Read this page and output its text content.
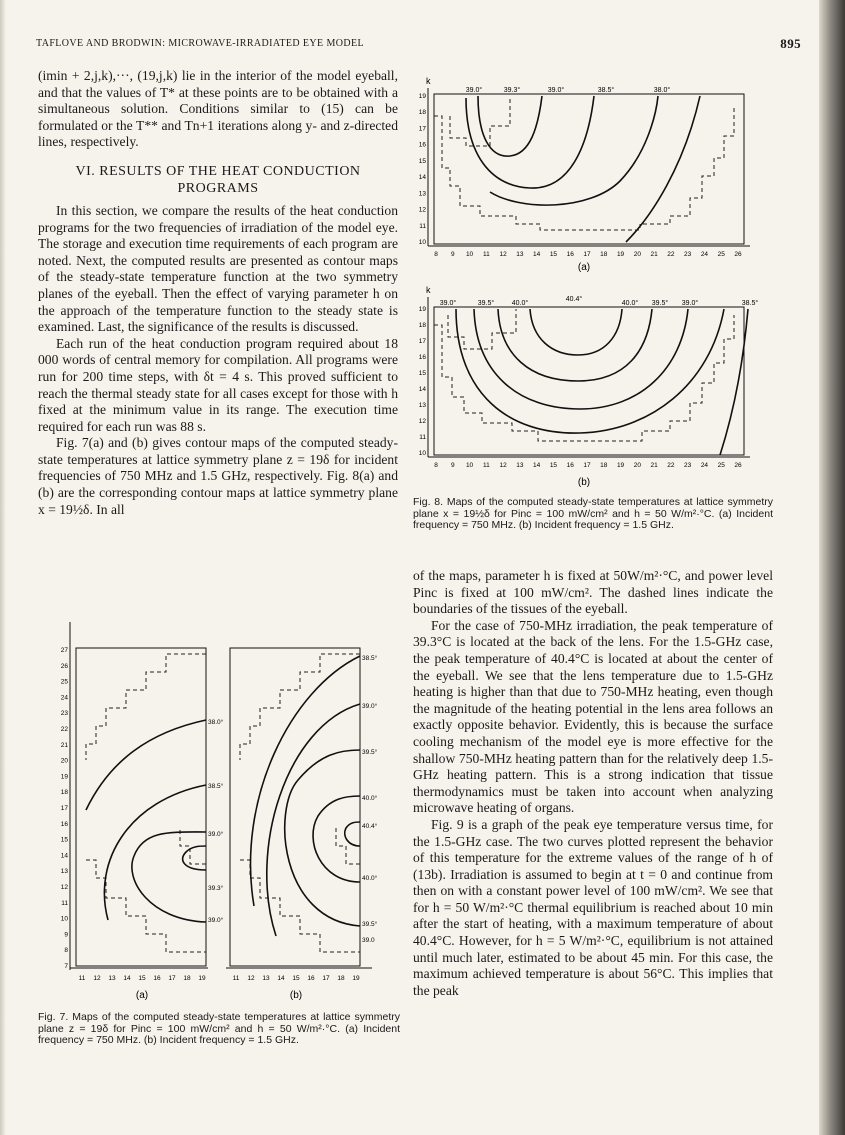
TAFLOVE AND BRODWIN: MICROWAVE-IRRADIATED EYE MODEL	895

(imin + 2,j,k),···, (19,j,k) lie in the interior of the model eyeball, and that the values of T* at these points are to be obtained with a simultaneous solution. Conditions similar to (15) can be formulated or the T** and Tn+1 iterations along y- and z-directed lines, respectively.

VI. RESULTS OF THE HEAT CONDUCTION
PROGRAMS

In this section, we compare the results of the heat conduction programs for the two frequencies of irradiation of the model eye. The storage and execution time requirements of each program are noted. Next, the computed results are presented as contour maps of the steady-state temperature function at the two symmetry planes of the eyeball. Then the effect of varying parameter h on the approach of the temperature function to the steady state is examined. Last, the significance of the results is discussed.

Each run of the heat conduction program required about 18 000 words of central memory for compilation. All programs were run for 200 time steps, with δt = 4 s. This proved sufficient to reach the thermal steady state for all cases except for those with h fixed at the minimum value in its range. The execution time required for each run was 88 s.

Fig. 7(a) and (b) gives contour maps of the computed steady-state temperatures at lattice symmetry plane z = 19δ for incident frequencies of 750 MHz and 1.5 GHz, respectively. Fig. 8(a) and (b) are the corresponding contour maps at lattice symmetry plane x = 19½δ. In all

of the maps, parameter h is fixed at 50W/m²·°C, and power level Pinc is fixed at 100 mW/cm². The dashed lines indicate the boundaries of the tissues of the eyeball.

For the case of 750-MHz irradiation, the peak temperature of 39.3°C is located at the back of the lens. For the 1.5-GHz case, the peak temperature of 40.4°C is located at about the center of the eyeball. We see that the lens temperature due to 1.5-GHz heating is higher than that due to 750-MHz heating, even though the magnitude of the heating potential in the lens area follows an exactly opposite behavior. Evidently, this is because the surface cooling mechanism of the model eye is more effective for the shallow 750-MHz heating pattern than for the relatively deep 1.5-GHz heating pattern. This is a strong indication that tissue thermodynamics must be taken into account when analyzing microwave heating of organs.

Fig. 9 is a graph of the peak eye temperature versus time, for the 1.5-GHz case. The two curves plotted represent the behavior of this temperature for the extreme values of the range of h of (13b). Irradiation is assumed to begin at t = 0 and continue from then on with a constant power level of 100 mW/cm². We see that for h = 50 W/m²·°C thermal equilibrium is reached about 10 min after the start of heating, with a maximum temperature of about 40.4°C. However, for h = 5 W/m²·°C, equilibrium is not attained until much later, estimated to be about 45 min. For this case, the maximum achieved temperature is about 56°C. This implies that the peak

k
39.0°	39.3°	39.0°	38.5°	38.0°
8 9 10 11 12 13 14 15 16 17 18 19 20 21 22 23 24 25 26
19
18
17
16
15
14
13
12
11
10
(a)
k
39.0°	39.5°	40.0°
40.4°
40.0° 39.5° 39.0°	38.5°
8 9 10 11 12 13 14 15 16 17 18 19 20 21 22 23 24 25 26
19
18
17
16
15
14
13
12
11
10
(b)
Fig. 8. Maps of the computed steady-state temperatures at lattice symmetry plane x = 19½δ for Pinc = 100 mW/cm² and h = 50 W/m²·°C. (a) Incident frequency = 750 MHz. (b) Incident frequency = 1.5 GHz.
27
26
25
24
23
22
21
20
19
18
17
16
15
14
13
12
11
10
9
8
7
11 12 13 14 15 16 17 18 19	11 12 13 14 15 16 17 18 19
38.0°
38.5°
39.0°
39.3°
39.0°
38.5°
39.0°
39.5°
40.0°
40.4°
40.0°
39.5°
39.0
(a)	(b)
Fig. 7. Maps of the computed steady-state temperatures at lattice symmetry plane z = 19δ for Pinc = 100 mW/cm² and h = 50 W/m²·°C. (a) Incident frequency = 750 MHz. (b) Incident frequency = 1.5 GHz.
